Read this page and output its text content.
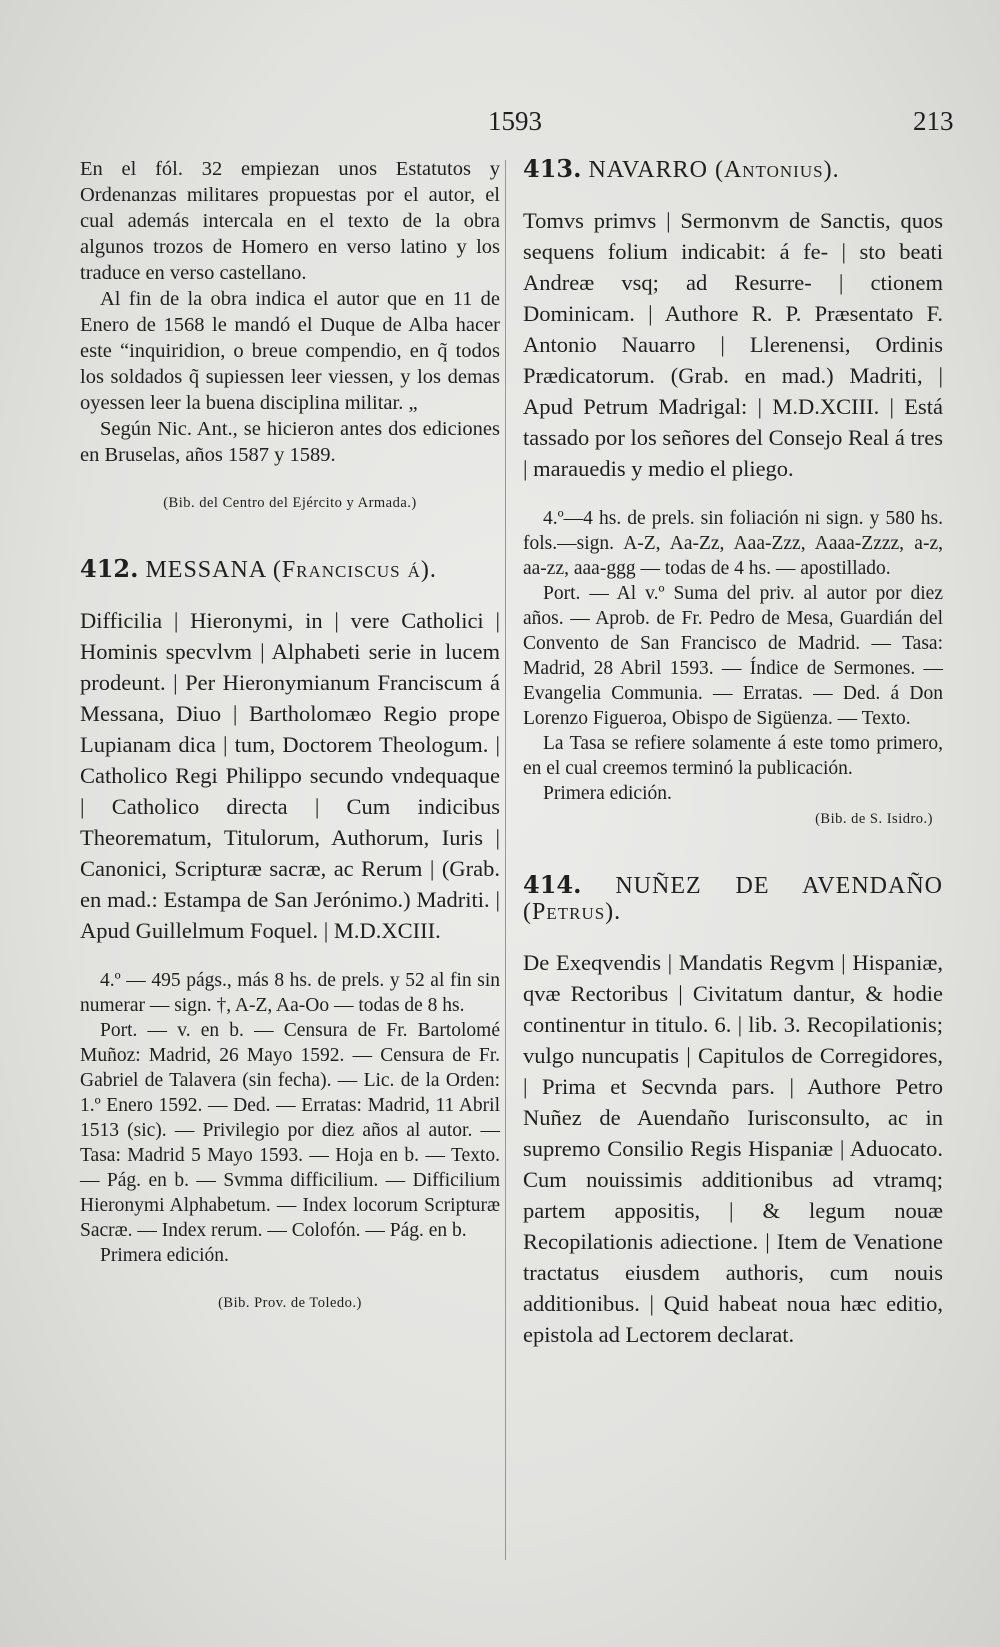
1593	213

En el fól. 32 empiezan unos Estatutos y Ordenanzas militares propuestas por el autor, el cual además intercala en el texto de la obra algunos trozos de Homero en verso latino y los traduce en verso castellano.

Al fin de la obra indica el autor que en 11 de Enero de 1568 le mandó el Duque de Alba hacer este “inquiridion, o breue compendio, en q̃ todos los soldados q̃ supiessen leer viessen, y los demas oyessen leer la buena disciplina militar. „

Según Nic. Ant., se hicieron antes dos ediciones en Bruselas, años 1587 y 1589.

(Bib. del Centro del Ejército y Armada.)

412. MESSANA (Franciscus á).

Difficilia | Hieronymi, in | vere Catholici | Hominis specvlvm | Alphabeti serie in lucem prodeunt. | Per Hieronymianum Franciscum á Messana, Diuo | Bartholomæo Regio prope Lupianam dica | tum, Doctorem Theologum. | Catholico Regi Philippo secundo vndequaque | Catholico directa | Cum indicibus Theorematum, Titulorum, Authorum, Iuris | Canonici, Scripturæ sacræ, ac Rerum | (Grab. en mad.: Estampa de San Jerónimo.) Madriti. | Apud Guillelmum Foquel. | M.D.XCIII.

4.º — 495 págs., más 8 hs. de prels. y 52 al fin sin numerar — sign. †, A-Z, Aa-Oo — todas de 8 hs.

Port. — v. en b. — Censura de Fr. Bartolomé Muñoz: Madrid, 26 Mayo 1592. — Censura de Fr. Gabriel de Talavera (sin fecha). — Lic. de la Orden: 1.º Enero 1592. — Ded. — Erratas: Madrid, 11 Abril 1513 (sic). — Privilegio por diez años al autor. — Tasa: Madrid 5 Mayo 1593. — Hoja en b. — Texto. — Pág. en b. — Svmma difficilium. — Difficilium Hieronymi Alphabetum. — Index locorum Scripturæ Sacræ. — Index rerum. — Colofón. — Pág. en b.

Primera edición.

(Bib. Prov. de Toledo.)

413. NAVARRO (Antonius).

Tomvs primvs | Sermonvm de Sanctis, quos sequens folium indicabit: á fe- | sto beati Andreæ vsq; ad Resurre- | ctionem Dominicam. | Authore R. P. Præsentato F. Antonio Nauarro | Llerenensi, Ordinis Prædicatorum. (Grab. en mad.) Madriti, | Apud Petrum Madrigal: | M.D.XCIII. | Está tassado por los señores del Consejo Real á tres | marauedis y medio el pliego.

4.º—4 hs. de prels. sin foliación ni sign. y 580 hs. fols.—sign. A-Z, Aa-Zz, Aaa-Zzz, Aaaa-Zzzz, a-z, aa-zz, aaa-ggg — todas de 4 hs. — apostillado.

Port. — Al v.º Suma del priv. al autor por diez años. — Aprob. de Fr. Pedro de Mesa, Guardián del Convento de San Francisco de Madrid. — Tasa: Madrid, 28 Abril 1593. — Índice de Sermones. — Evangelia Communia. — Erratas. — Ded. á Don Lorenzo Figueroa, Obispo de Sigüenza. — Texto.

La Tasa se refiere solamente á este tomo primero, en el cual creemos terminó la publicación.

Primera edición.

(Bib. de S. Isidro.)

414. NUÑEZ DE AVENDAÑO (Petrus).

De Exeqvendis | Mandatis Regvm | Hispaniæ, qvæ Rectoribus | Civitatum dantur, & hodie continentur in titulo. 6. | lib. 3. Recopilationis; vulgo nuncupatis | Capitulos de Corregidores, | Prima et Secvnda pars. | Authore Petro Nuñez de Auendaño Iurisconsulto, ac in supremo Consilio Regis Hispaniæ | Aduocato. Cum nouissimis additionibus ad vtramq; partem appositis, | & legum nouæ Recopilationis adiectione. | Item de Venatione tractatus eiusdem authoris, cum nouis additionibus. | Quid habeat noua hæc editio, epistola ad Lectorem declarat.
